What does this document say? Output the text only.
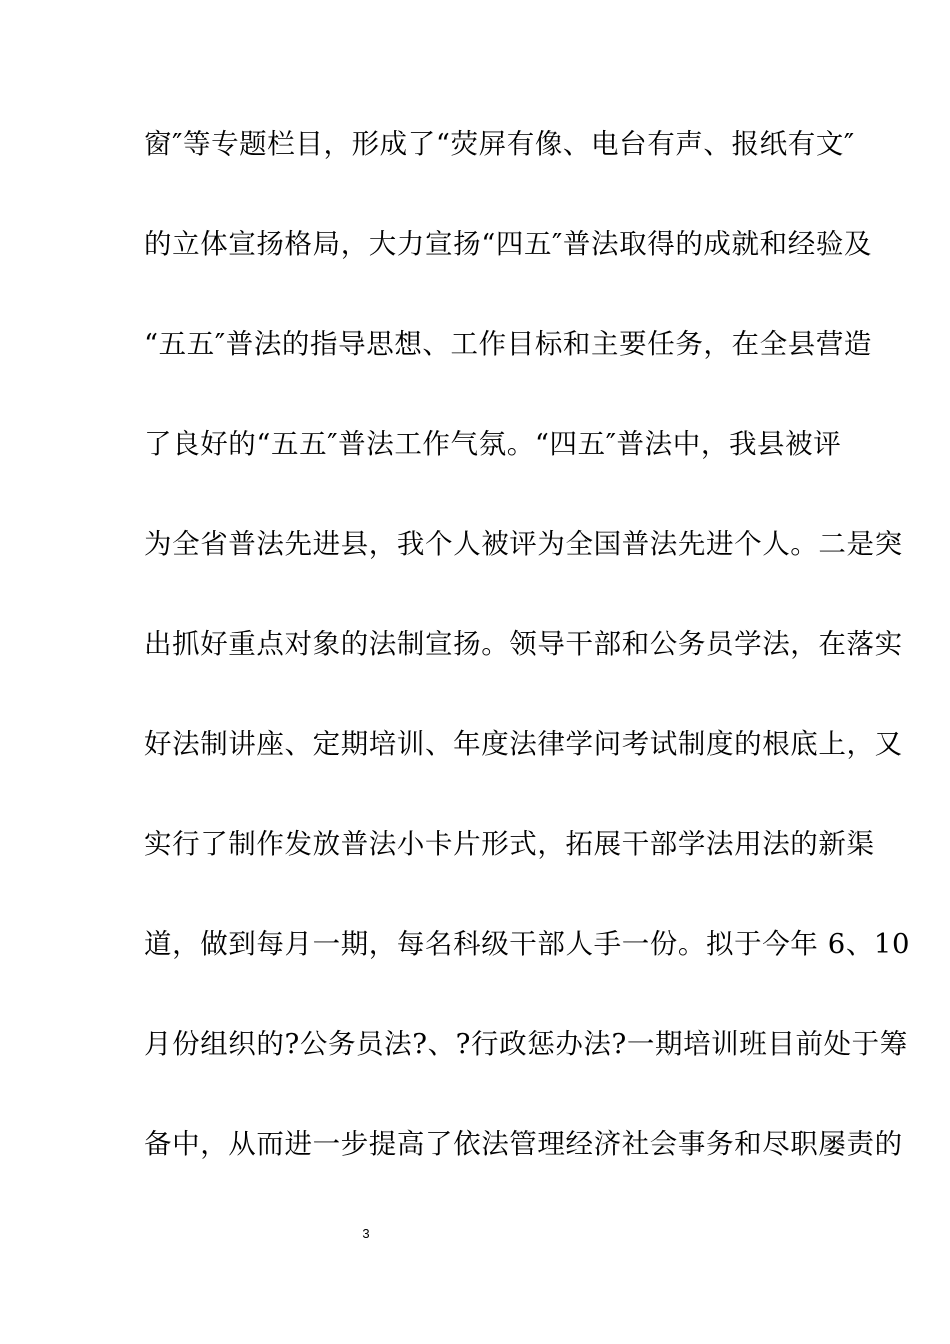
窗″等专题栏目，形成了“荧屏有像、电台有声、报纸有文″
的立体宣扬格局，大力宣扬“四五″普法取得的成就和经验及
“五五″普法的指导思想、工作目标和主要任务，在全县营造
了良好的“五五″普法工作气氛。“四五″普法中，我县被评
为全省普法先进县，我个人被评为全国普法先进个人。二是突
出抓好重点对象的法制宣扬。领导干部和公务员学法，在落实
好法制讲座、定期培训、年度法律学问考试制度的根底上，又
实行了制作发放普法小卡片形式，拓展干部学法用法的新渠
道，做到每月一期，每名科级干部人手一份。拟于今年 6、10
月份组织的?公务员法?、?行政惩办法?一期培训班目前处于筹
备中，从而进一步提高了依法管理经济社会事务和尽职屡责的
3
